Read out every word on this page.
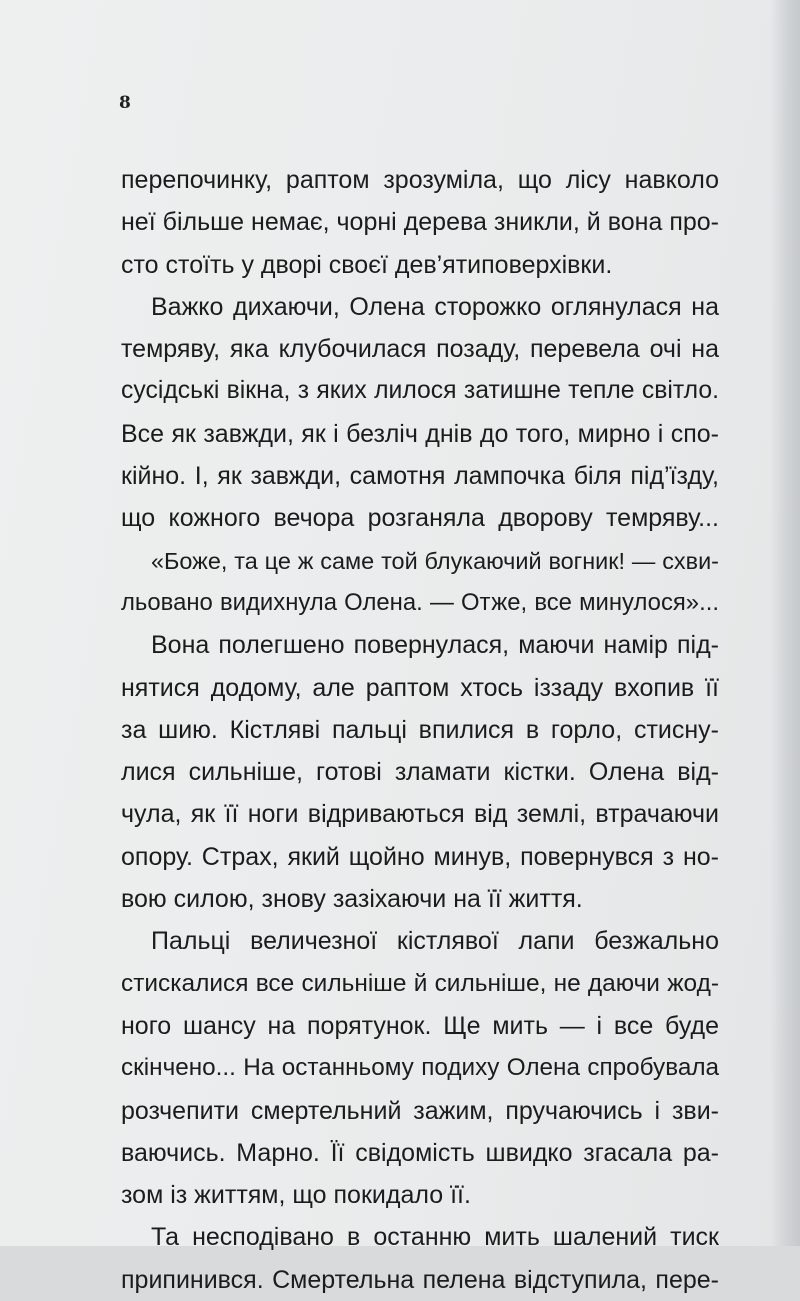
8

перепочинку, раптом зрозуміла, що лісу навколо
неї більше немає, чорні дерева зникли, й вона про-
сто стоїть у дворі своєї дев’ятиповерхівки.

Важко дихаючи, Олена сторожко оглянулася на
темряву, яка клубочилася позаду, перевела очі на
сусідські вікна, з яких лилося затишне тепле світло.
Все як завжди, як і безліч днів до того, мирно і спо-
кійно. І, як завжди, самотня лампочка біля під’їзду,
що кожного вечора розганяла дворову темряву...

«Боже, та це ж саме той блукаючий вогник! — схви-
льовано видихнула Олена. — Отже, все минулося»...

Вона полегшено повернулася, маючи намір під-
нятися додому, але раптом хтось іззаду вхопив її
за шию. Кістляві пальці впилися в горло, стисну-
лися сильніше, готові зламати кістки. Олена від-
чула, як її ноги відриваються від землі, втрачаючи
опору. Страх, який щойно минув, повернувся з но-
вою силою, знову зазіхаючи на її життя.

Пальці величезної кістлявої лапи безжально
стискалися все сильніше й сильніше, не даючи жод-
ного шансу на порятунок. Ще мить — і все буде
скінчено... На останньому подиху Олена спробувала
розчепити смертельний зажим, пручаючись і зви-
ваючись. Марно. Її свідомість швидко згасала ра-
зом із життям, що покидало її.

Та несподівано в останню мить шалений тиск
припинився. Смертельна пелена відступила, пере-
